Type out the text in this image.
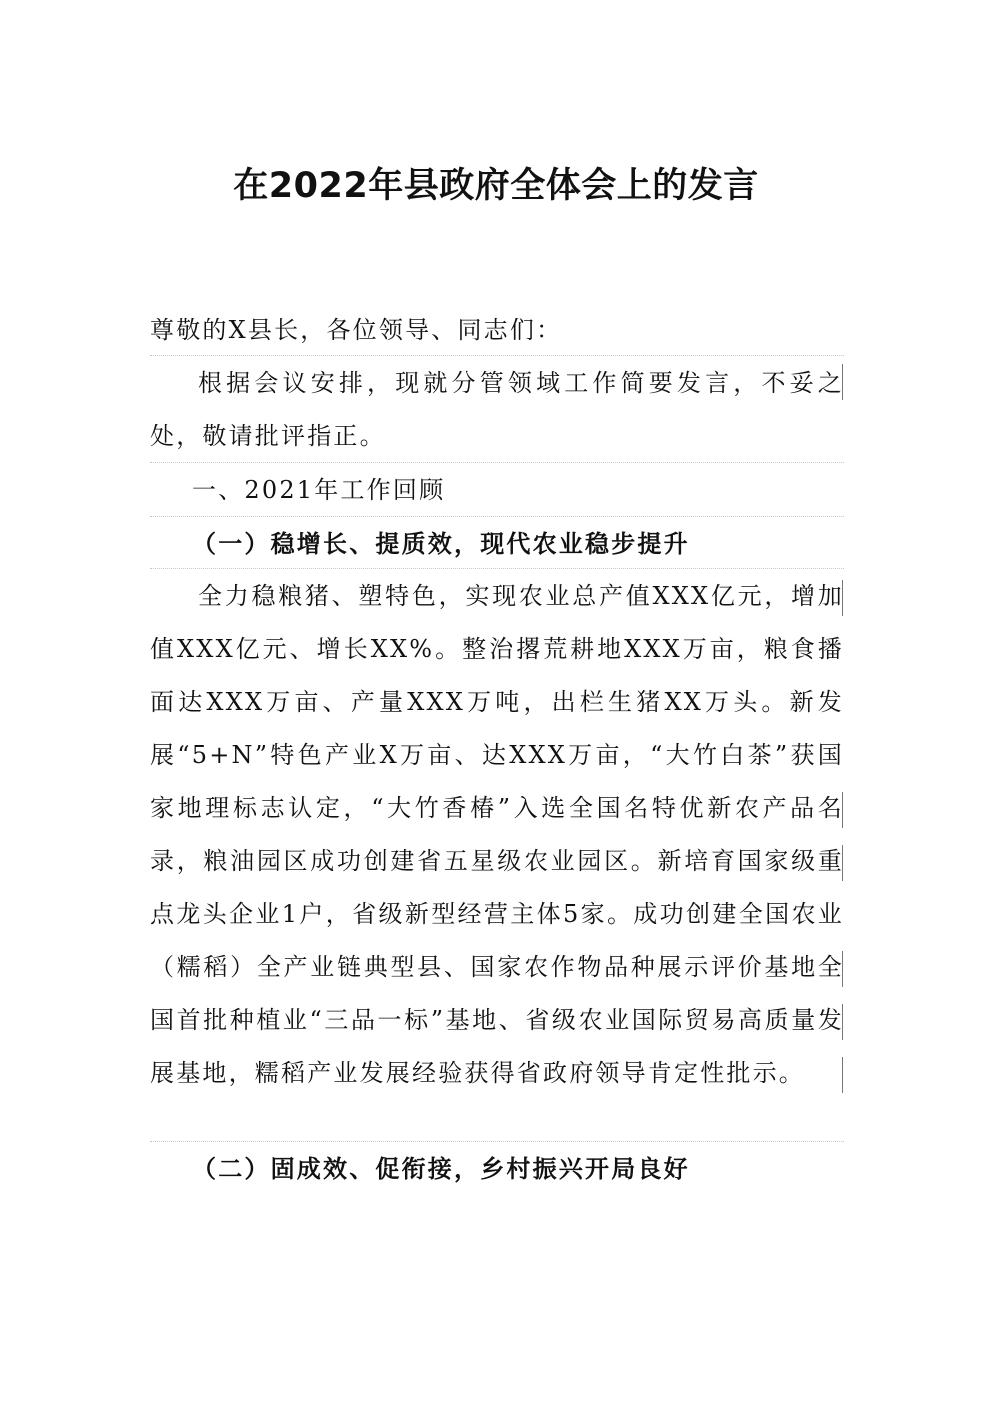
在2022年县政府全体会上的发言

尊敬的X县长，各位领导、同志们：

根据会议安排，现就分管领域工作简要发言，不妥之处，敬请批评指正。

一、2021年工作回顾

（一）稳增长、提质效，现代农业稳步提升

全力稳粮猪、塑特色，实现农业总产值XXX亿元，增加值XXX亿元、增长XX%。整治撂荒耕地XXX万亩，粮食播面达XXX万亩、产量XXX万吨，出栏生猪XX万头。新发展“5+N”特色产业X万亩、达XXX万亩，“大竹白茶”获国家地理标志认定，“大竹香椿”入选全国名特优新农产品名录，粮油园区成功创建省五星级农业园区。新培育国家级重点龙头企业1户，省级新型经营主体5家。成功创建全国农业（糯稻）全产业链典型县、国家农作物品种展示评价基地全国首批种植业“三品一标”基地、省级农业国际贸易高质量发展基地，糯稻产业发展经验获得省政府领导肯定性批示。

（二）固成效、促衔接，乡村振兴开局良好
